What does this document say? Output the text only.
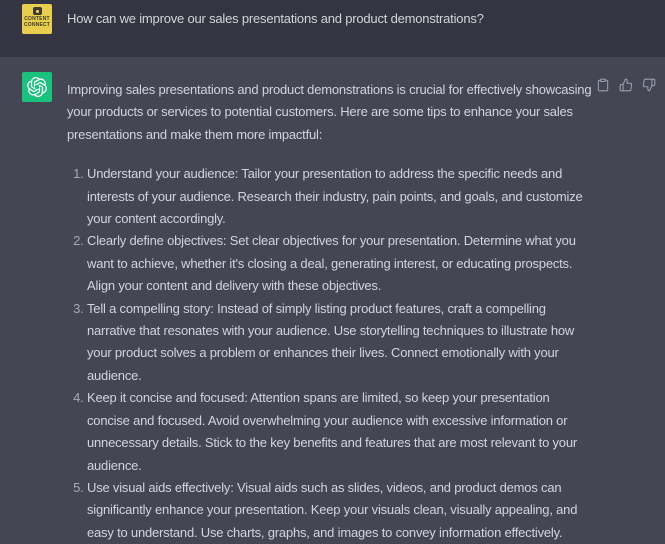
CONTENT
CONNECT How can we improve our sales presentations and product demonstrations?

Improving sales presentations and product demonstrations is crucial for effectively showcasing your products or services to potential customers. Here are some tips to enhance your sales presentations and make them more impactful:

1. Understand your audience: Tailor your presentation to address the specific needs and interests of your audience. Research their industry, pain points, and goals, and customize your content accordingly.
2. Clearly define objectives: Set clear objectives for your presentation. Determine what you want to achieve, whether it's closing a deal, generating interest, or educating prospects. Align your content and delivery with these objectives.
3. Tell a compelling story: Instead of simply listing product features, craft a compelling narrative that resonates with your audience. Use storytelling techniques to illustrate how your product solves a problem or enhances their lives. Connect emotionally with your audience.
4. Keep it concise and focused: Attention spans are limited, so keep your presentation concise and focused. Avoid overwhelming your audience with excessive information or unnecessary details. Stick to the key benefits and features that are most relevant to your audience.
5. Use visual aids effectively: Visual aids such as slides, videos, and product demos can significantly enhance your presentation. Keep your visuals clean, visually appealing, and easy to understand. Use charts, graphs, and images to convey information effectively.
